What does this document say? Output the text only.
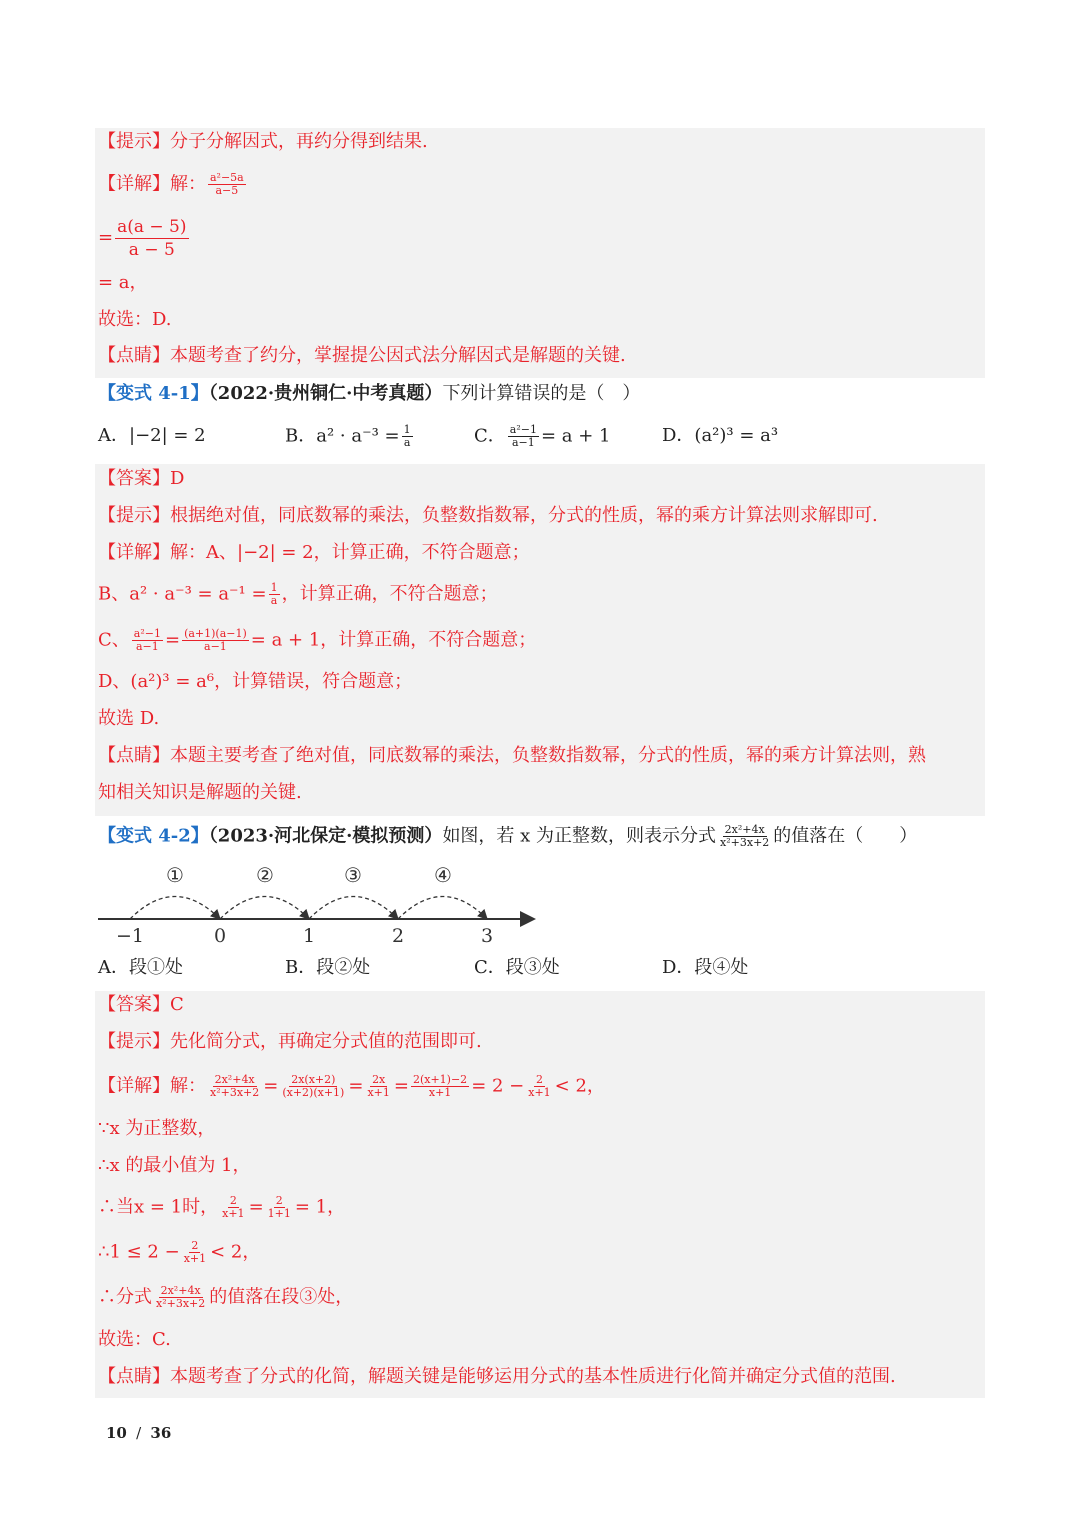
【提示】分子分解因式，再约分得到结果.
【详解】解： $\frac{\text{a²−5a}}{a-5}$
= $\frac{a(a - 5)}{a - 5}$
= a，
故选：D.
【点睛】本题考查了约分，掌握提公因式法分解因式是解题的关键.
【变式 4-1】（2022·贵州铜仁·中考真题）下列计算错误的是（　）
A．|−2| = 2	B．$a^2 \cdot a^{-3} = \frac{1}{a}$	C． $\frac{\text{a²−1}}{a-1} = a + 1$	D．(a²)³ = a³
【答案】D
【提示】根据绝对值，同底数幂的乘法，负整数指数幂，分式的性质，幂的乘方计算法则求解即可.
【详解】解：A、|−2| = 2，计算正确，不符合题意；
B、$a^2 \cdot a^{-3} = a^{-1} = \frac{1}{a}$ ，计算正确，不符合题意；
C、 $\frac{\text{a²−1}}{a-1} = \frac{(a+1)(a-1)}{a-1} = a + 1$，计算正确，不符合题意；
D、(a²)³ = a⁶，计算错误，符合题意；
故选 D.
【点睛】本题主要考查了绝对值，同底数幂的乘法，负整数指数幂，分式的性质，幂的乘方计算法则，熟
知相关知识是解题的关键.
【变式 4-2】（2023·河北保定·模拟预测）如图，若 x 为正整数，则表示分式 $\frac{\text{2x²+4x}}{\text{x²+3x+2}}$ 的值落在（　　）
①	②	③	④
−1	0	1	2	3
A．段①处	B．段②处	C．段③处	D．段④处
【答案】C
【提示】先化简分式，再确定分式值的范围即可.
【详解】解： $\frac{\text{2x²+4x}}{\text{x²+3x+2}} = \frac{2x(x+2)}{(x+2)(x+1)} = \frac{2x}{x+1} = \frac{2(x+1)-2}{x+1} = 2 - \frac{2}{x+1} < 2$，
∵x 为正整数，
∴x 的最小值为 1，
∴当x = 1时， $\frac{2}{x+1} = \frac{2}{1+1} = 1$，
∴1 ≤ $2 - \frac{2}{x+1} < 2$，
∴分式 $\frac{\text{2x²+4x}}{\text{x²+3x+2}}$ 的值落在段③处，
故选：C.
【点睛】本题考查了分式的化简，解题关键是能够运用分式的基本性质进行化简并确定分式值的范围.
10 / 36
